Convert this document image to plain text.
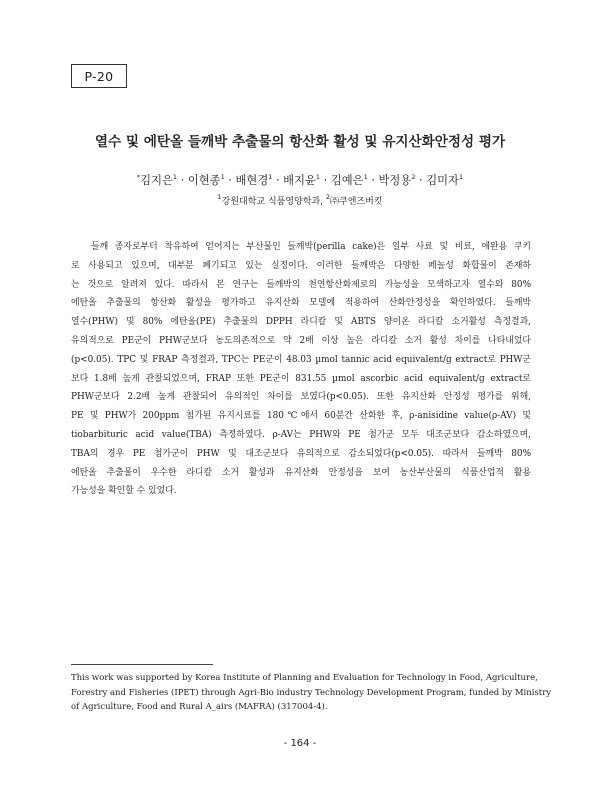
P-20
열수 및 에탄올 들깨박 추출물의 항산화 활성 및 유지산화안정성 평가
*김지은$^1$ · 이현종$^1$ · 배현경$^1$ · 배지윤$^1$ · 김예은$^1$ · 박정용$^2$ · 김미자$^1$
$^1$강원대학교 식품영양학과, $^2$㈜쿠엔즈버킷
들깨 종자로부터 착유하여 얻어지는 부산물인 들깨박(perilla cake)은 일부 사료 및 비료, 애완용 쿠키
로 사용되고 있으며, 대부분 폐기되고 있는 실정이다. 이러한 들깨박은 다양한 페놀성 화합물이 존재하
는 것으로 알려져 있다. 따라서 본 연구는 들깨박의 천연항산화제로의 가능성을 모색하고자 열수와 80%
에탄올 추출물의 항산화 활성을 평가하고 유지산화 모델에 적용하여 산화안정성을 확인하였다. 들깨박
열수(PHW) 및 80% 에탄올(PE) 추출물의 DPPH 라디칼 및 ABTS 양이온 라디칼 소거활성 측정결과,
유의적으로 PE군이 PHW군보다 농도의존적으로 약 2배 이상 높은 라디칼 소거 활성 차이를 나타내었다
(p<0.05). TPC 및 FRAP 측정결과, TPC는 PE군이 48.03 µmol tannic acid equivalent/g extract로 PHW군
보다 1.8배 높게 관찰되었으며, FRAP 또한 PE군이 831.55 µmol ascorbic acid equivalent/g extract로
PHW군보다 2.2배 높게 관찰되어 유의적인 차이를 보였다(p<0.05). 또한 유지산화 안정성 평가를 위해,
PE 및 PHW가 200ppm 첨가된 유지시료를 180℃에서 60분간 산화한 후, ρ-anisidine value(ρ-AV) 및
tiobarbituric acid value(TBA) 측정하였다. ρ-AV는 PHW와 PE 첨가군 모두 대조군보다 감소하였으며,
TBA의 경우 PE 첨가군이 PHW 및 대조군보다 유의적으로 감소되었다(p<0.05). 따라서 들깨박 80%
에탄올 추출물이 우수한 라디칼 소거 활성과 유지산화 안정성을 보여 농산부산물의 식품산업적 활용
가능성을 확인할 수 있었다.
This work was supported by Korea Institute of Planning and Evaluation for Technology in Food, Agriculture,
Forestry and Fisheries (IPET) through Agri-Bio industry Technology Development Program, funded by Ministry
of Agriculture, Food and Rural A_airs (MAFRA) (317004-4).
- 164 -
